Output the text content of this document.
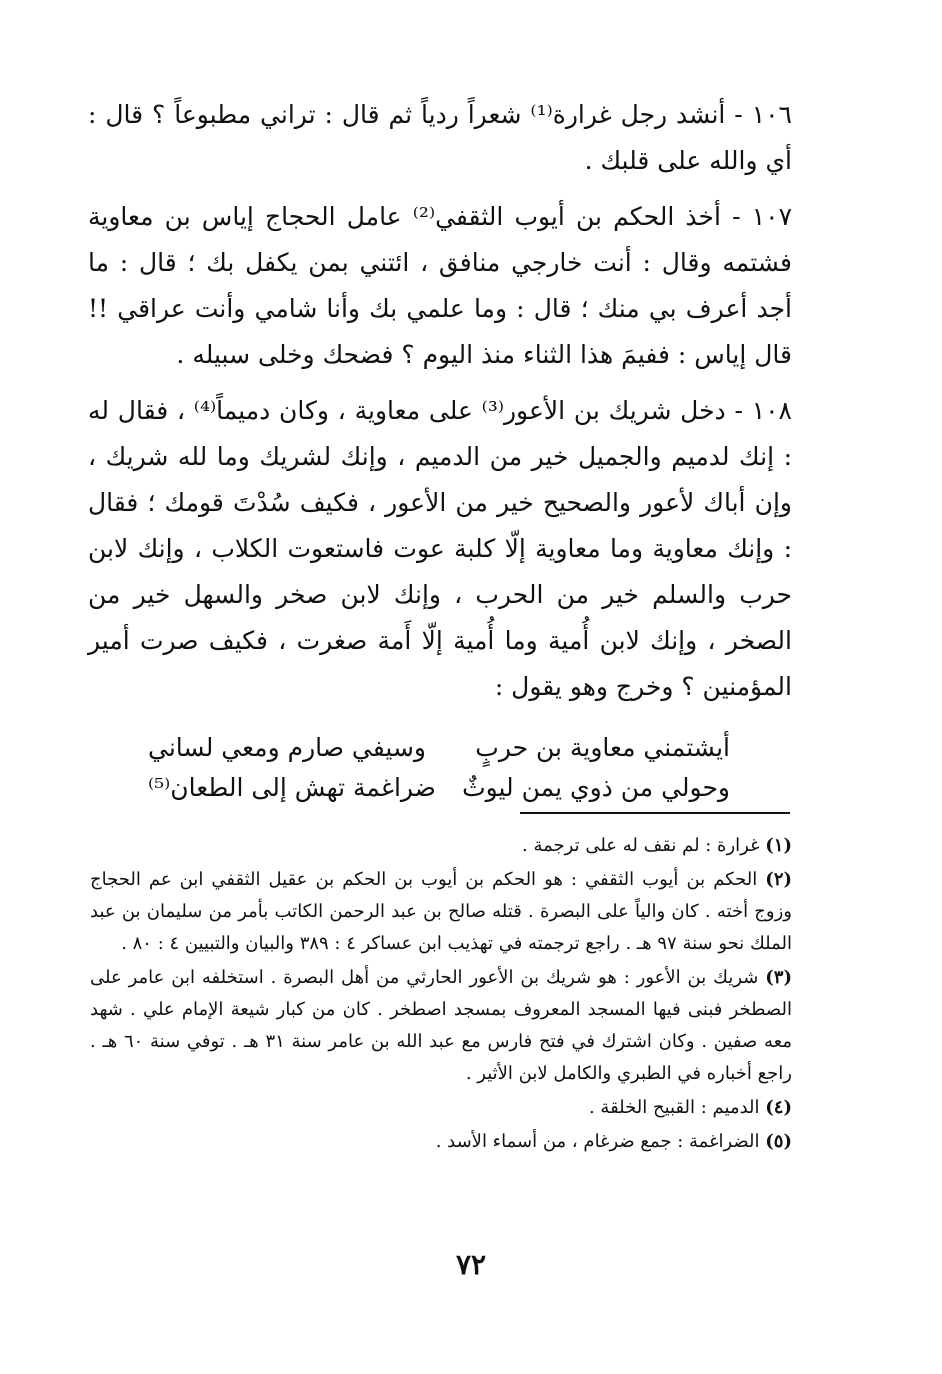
١٠٦ - أنشد رجل غرارة⁽¹⁾ شعراً ردياً ثم قال : تراني مطبوعاً ؟ قال : أي والله على قلبك .

١٠٧ - أخذ الحكم بن أيوب الثقفي⁽²⁾ عامل الحجاج إياس بن معاوية فشتمه وقال : أنت خارجي منافق ، ائتني بمن يكفل بك ؛ قال : ما أجد أعرف بي منك ؛ قال : وما علمي بك وأنا شامي وأنت عراقي !! قال إياس : ففيمَ هذا الثناء منذ اليوم ؟ فضحك وخلى سبيله .

١٠٨ - دخل شريك بن الأعور⁽³⁾ على معاوية ، وكان دميماً⁽⁴⁾ ، فقال له : إنك لدميم والجميل خير من الدميم ، وإنك لشريك وما لله شريك ، وإن أباك لأعور والصحيح خير من الأعور ، فكيف سُدْتَ قومك ؛ فقال : وإنك معاوية وما معاوية إلّا كلبة عوت فاستعوت الكلاب ، وإنك لابن حرب والسلم خير من الحرب ، وإنك لابن صخر والسهل خير من الصخر ، وإنك لابن أُمية وما أُمية إلّا أَمة صغرت ، فكيف صرت أمير المؤمنين ؟ وخرج وهو يقول :

أيشتمني معاوية بن حربٍ
وسيفي صارم ومعي لساني
وحولي من ذوي يمن ليوثٌ
ضراغمة تهش إلى الطعان⁽⁵⁾

(١) غرارة : لم نقف له على ترجمة .

(٢) الحكم بن أيوب الثقفي : هو الحكم بن أيوب بن الحكم بن عقيل الثقفي ابن عم الحجاج وزوج أخته . كان والياً على البصرة . قتله صالح بن عبد الرحمن الكاتب بأمر من سليمان بن عبد الملك نحو سنة ٩٧ هـ . راجع ترجمته في تهذيب ابن عساكر ٤ : ٣٨٩ والبيان والتبيين ٤ : ٨٠ .

(٣) شريك بن الأعور : هو شريك بن الأعور الحارثي من أهل البصرة . استخلفه ابن عامر على الصطخر فبنى فيها المسجد المعروف بمسجد اصطخر . كان من كبار شيعة الإمام علي . شهد معه صفين . وكان اشترك في فتح فارس مع عبد الله بن عامر سنة ٣١ هـ . توفي سنة ٦٠ هـ . راجع أخباره في الطبري والكامل لابن الأثير .

(٤) الدميم : القبيح الخلقة .

(٥) الضراغمة : جمع ضرغام ، من أسماء الأسد .

٧٢
